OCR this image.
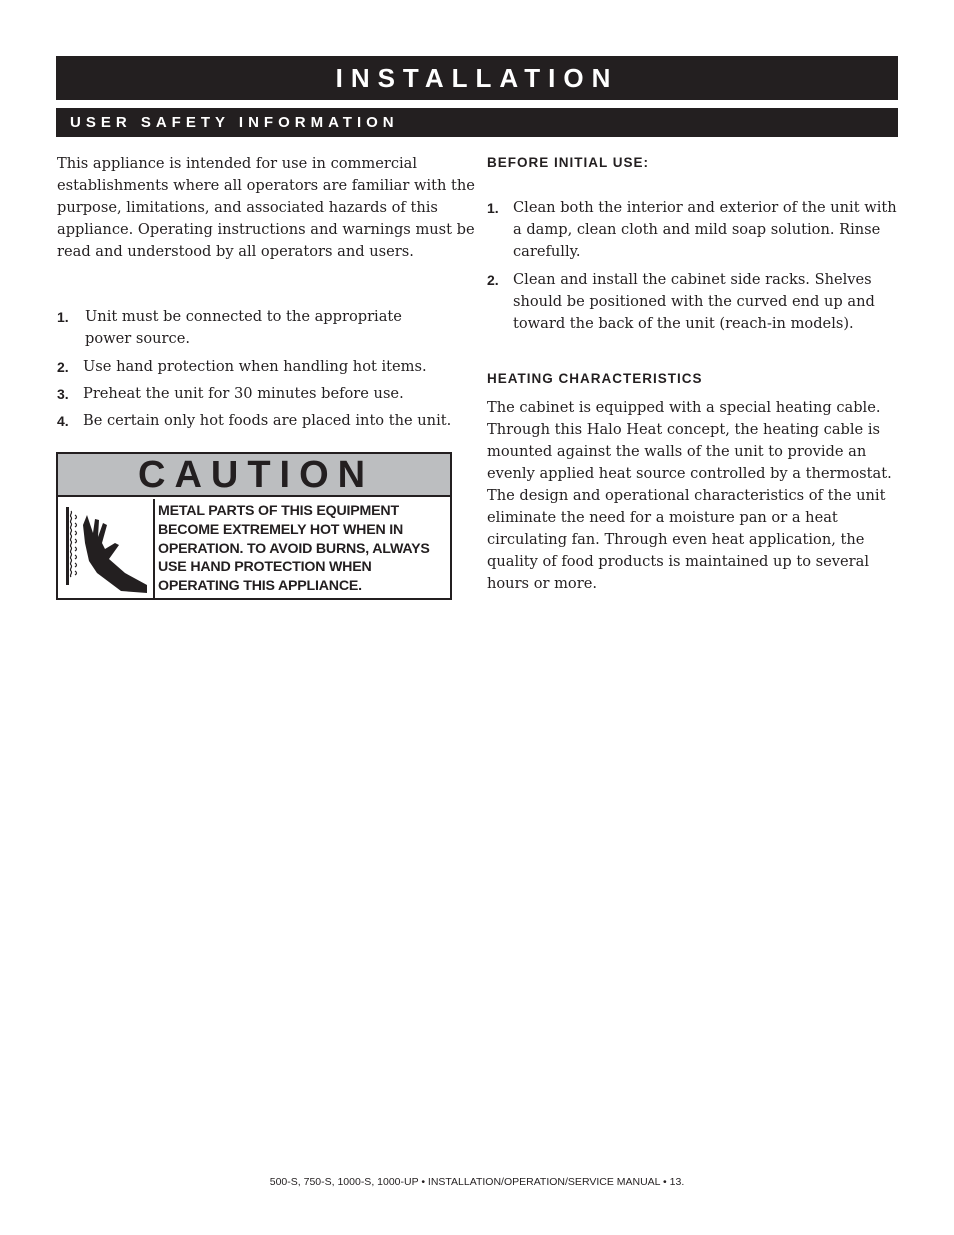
INSTALLATION
USER SAFETY INFORMATION

This appliance is intended for use in commercial establishments where all operators are familiar with the purpose, limitations, and associated hazards of this appliance. Operating instructions and warnings must be read and understood by all operators and users.

1.	Unit must be connected to the appropriate power source.
2. Use hand protection when handling hot items.
3. Preheat the unit for 30 minutes before use.
4. Be certain only hot foods are placed into the unit.
CAUTION
METAL PARTS OF THIS EQUIPMENT BECOME EXTREMELY HOT WHEN IN OPERATION. TO AVOID BURNS, ALWAYS USE HAND PROTECTION WHEN OPERATING THIS APPLIANCE.
BEFORE INITIAL USE:
1. Clean both the interior and exterior of the unit with a damp, clean cloth and mild soap solution. Rinse carefully.
2. Clean and install the cabinet side racks. Shelves should be positioned with the curved end up and toward the back of the unit (reach-in models).
HEATING CHARACTERISTICS

The cabinet is equipped with a special heating cable. Through this Halo Heat concept, the heating cable is mounted against the walls of the unit to provide an evenly applied heat source controlled by a thermostat. The design and operational characteristics of the unit eliminate the need for a moisture pan or a heat circulating fan. Through even heat application, the quality of food products is maintained up to several hours or more.

500-S, 750-S, 1000-S, 1000-UP • INSTALLATION/OPERATION/SERVICE MANUAL • 13.
